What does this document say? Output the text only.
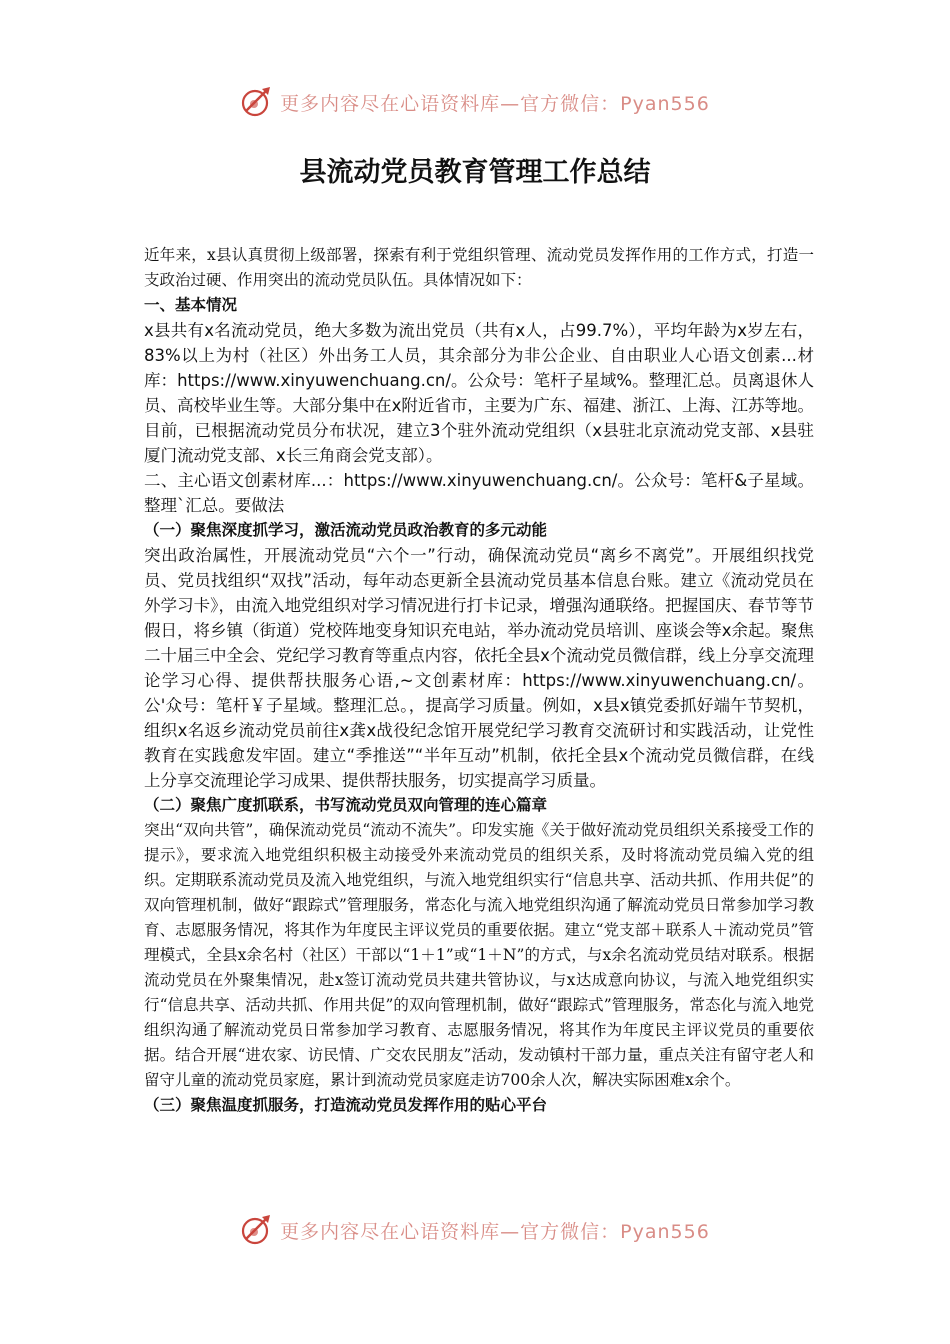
更多内容尽在心语资料库—官方微信：Pyan556
县流动党员教育管理工作总结

近年来，x县认真贯彻上级部署，探索有利于党组织管理、流动党员发挥作用的工作方式，打造一支政治过硬、作用突出的流动党员队伍。具体情况如下：

一、基本情况

x县共有x名流动党员，绝大多数为流出党员（共有x人，占99.7%），平均年龄为x岁左右，83%以上为村（社区）外出务工人员，其余部分为非公企业、自由职业人心语文创素...材库：https://www.xinyuwenchuang.cn/。公众号：笔杆子星域%。整理汇总。员离退休人员、高校毕业生等。大部分集中在x附近省市，主要为广东、福建、浙江、上海、江苏等地。目前，已根据流动党员分布状况，建立3个驻外流动党组织（x县驻北京流动党支部、x县驻厦门流动党支部、x长三角商会党支部）。

二、主心语文创素材库...：https://www.xinyuwenchuang.cn/。公众号：笔杆&子星域。整理`汇总。要做法

（一）聚焦深度抓学习，激活流动党员政治教育的多元动能

突出政治属性，开展流动党员“六个一”行动，确保流动党员“离乡不离党”。开展组织找党员、党员找组织“双找”活动，每年动态更新全县流动党员基本信息台账。建立《流动党员在外学习卡》，由流入地党组织对学习情况进行打卡记录，增强沟通联络。把握国庆、春节等节假日，将乡镇（街道）党校阵地变身知识充电站，举办流动党员培训、座谈会等x余起。聚焦二十届三中全会、党纪学习教育等重点内容，依托全县x个流动党员微信群，线上分享交流理论学习心得、提供帮扶服务心语,~文创素材库：https://www.xinyuwenchuang.cn/。公'众号：笔杆￥子星域。整理汇总。，提高学习质量。例如，x县x镇党委抓好端午节契机，组织x名返乡流动党员前往x龚x战役纪念馆开展党纪学习教育交流研讨和实践活动，让党性教育在实践愈发牢固。建立“季推送”“半年互动”机制，依托全县x个流动党员微信群，在线上分享交流理论学习成果、提供帮扶服务，切实提高学习质量。

（二）聚焦广度抓联系，书写流动党员双向管理的连心篇章

突出“双向共管”，确保流动党员“流动不流失”。印发实施《关于做好流动党员组织关系接受工作的提示》，要求流入地党组织积极主动接受外来流动党员的组织关系，及时将流动党员编入党的组织。定期联系流动党员及流入地党组织，与流入地党组织实行“信息共享、活动共抓、作用共促”的双向管理机制，做好“跟踪式”管理服务，常态化与流入地党组织沟通了解流动党员日常参加学习教育、志愿服务情况，将其作为年度民主评议党员的重要依据。建立“党支部＋联系人＋流动党员”管理模式，全县x余名村（社区）干部以“1＋1”或“1＋N”的方式，与x余名流动党员结对联系。根据流动党员在外聚集情况，赴x签订流动党员共建共管协议，与x达成意向协议，与流入地党组织实行“信息共享、活动共抓、作用共促”的双向管理机制，做好“跟踪式”管理服务，常态化与流入地党组织沟通了解流动党员日常参加学习教育、志愿服务情况，将其作为年度民主评议党员的重要依据。结合开展“进农家、访民情、广交农民朋友”活动，发动镇村干部力量，重点关注有留守老人和留守儿童的流动党员家庭，累计到流动党员家庭走访700余人次，解决实际困难x余个。

（三）聚焦温度抓服务，打造流动党员发挥作用的贴心平台

更多内容尽在心语资料库—官方微信：Pyan556
